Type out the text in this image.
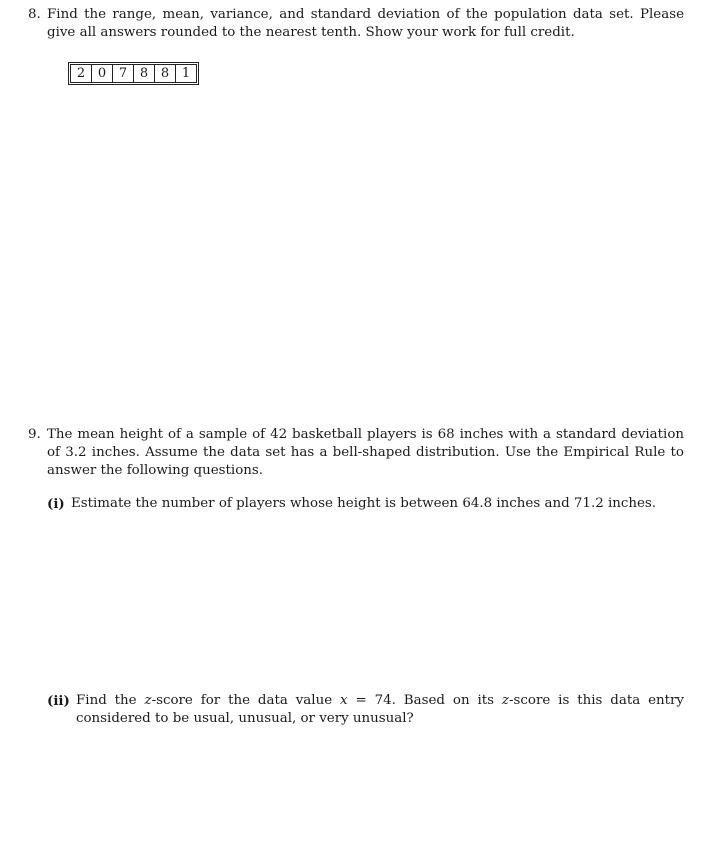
8. Find the range, mean, variance, and standard deviation of the population data set. Please give all answers rounded to the nearest tenth. Show your work for full credit.
2 0 7 8 8 1
9. The mean height of a sample of 42 basketball players is 68 inches with a standard deviation of 3.2 inches. Assume the data set has a bell-shaped distribution. Use the Empirical Rule to answer the following questions.
(i) Estimate the number of players whose height is between 64.8 inches and 71.2 inches.
(ii) Find the z-score for the data value x = 74. Based on its z-score is this data entry considered to be usual, unusual, or very unusual?
